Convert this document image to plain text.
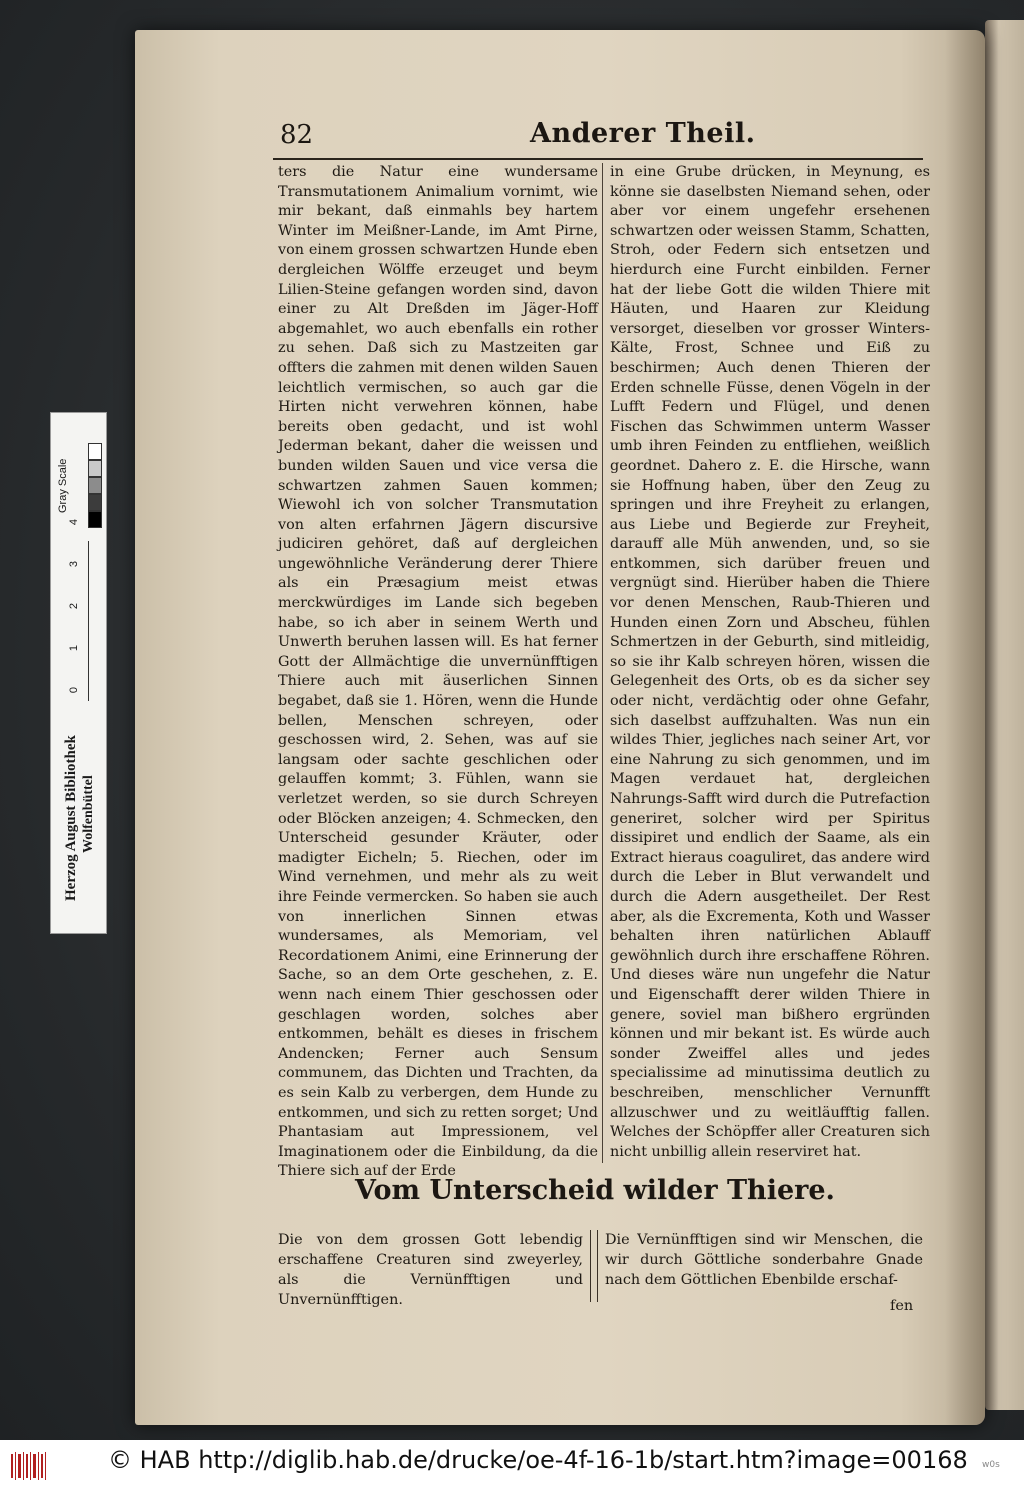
82	Anderer Theil.

ters die Natur eine wundersame Transmutationem Animalium vornimt, wie mir bekant, daß einmahls bey hartem Winter im Meißner-Lande, im Amt Pirne, von einem grossen schwartzen Hunde eben dergleichen Wölffe erzeuget und beym Lilien-Steine gefangen worden sind, davon einer zu Alt Dreßden im Jäger-Hoff abgemahlet, wo auch ebenfalls ein rother zu sehen. Daß sich zu Mastzeiten gar offters die zahmen mit denen wilden Sauen leichtlich vermischen, so auch gar die Hirten nicht verwehren können, habe bereits oben gedacht, und ist wohl Jederman bekant, daher die weissen und bunden wilden Sauen und vice versa die schwartzen zahmen Sauen kommen; Wiewohl ich von solcher Transmutation von alten erfahrnen Jägern discursive judiciren gehöret, daß auf dergleichen ungewöhnliche Veränderung derer Thiere als ein Præsagium meist etwas merckwürdiges im Lande sich begeben habe, so ich aber in seinem Werth und Unwerth beruhen lassen will. Es hat ferner Gott der Allmächtige die unvernünfftigen Thiere auch mit äuserlichen Sinnen begabet, daß sie 1. Hören, wenn die Hunde bellen, Menschen schreyen, oder geschossen wird, 2. Sehen, was auf sie langsam oder sachte geschlichen oder gelauffen kommt; 3. Fühlen, wann sie verletzet werden, so sie durch Schreyen oder Blöcken anzeigen; 4. Schmecken, den Unterscheid gesunder Kräuter, oder madigter Eicheln; 5. Riechen, oder im Wind vernehmen, und mehr als zu weit ihre Feinde vermercken. So haben sie auch von innerlichen Sinnen etwas wundersames, als Memoriam, vel Recordationem Animi, eine Erinnerung der Sache, so an dem Orte geschehen, z. E. wenn nach einem Thier geschossen oder geschlagen worden, solches aber entkommen, behält es dieses in frischem Andencken; Ferner auch Sensum communem, das Dichten und Trachten, da es sein Kalb zu verbergen, dem Hunde zu entkommen, und sich zu retten sorget; Und Phantasiam aut Impressionem, vel Imaginationem oder die Einbildung, da die Thiere sich auf der Erde

in eine Grube drücken, in Meynung, es könne sie daselbsten Niemand sehen, oder aber vor einem ungefehr ersehenen schwartzen oder weissen Stamm, Schatten, Stroh, oder Federn sich entsetzen und hierdurch eine Furcht einbilden. Ferner hat der liebe Gott die wilden Thiere mit Häuten, und Haaren zur Kleidung versorget, dieselben vor grosser Winters-Kälte, Frost, Schnee und Eiß zu beschirmen; Auch denen Thieren der Erden schnelle Füsse, denen Vögeln in der Lufft Federn und Flügel, und denen Fischen das Schwimmen unterm Wasser umb ihren Feinden zu entfliehen, weißlich geordnet. Dahero z. E. die Hirsche, wann sie Hoffnung haben, über den Zeug zu springen und ihre Freyheit zu erlangen, aus Liebe und Begierde zur Freyheit, darauff alle Müh anwenden, und, so sie entkommen, sich darüber freuen und vergnügt sind. Hierüber haben die Thiere vor denen Menschen, Raub-Thieren und Hunden einen Zorn und Abscheu, fühlen Schmertzen in der Geburth, sind mitleidig, so sie ihr Kalb schreyen hören, wissen die Gelegenheit des Orts, ob es da sicher sey oder nicht, verdächtig oder ohne Gefahr, sich daselbst auffzuhalten. Was nun ein wildes Thier, jegliches nach seiner Art, vor eine Nahrung zu sich genommen, und im Magen verdauet hat, dergleichen Nahrungs-Safft wird durch die Putrefaction generiret, solcher wird per Spiritus dissipiret und endlich der Saame, als ein Extract hieraus coaguliret, das andere wird durch die Leber in Blut verwandelt und durch die Adern ausgetheilet. Der Rest aber, als die Excrementa, Koth und Wasser behalten ihren natürlichen Ablauff gewöhnlich durch ihre erschaffene Röhren. Und dieses wäre nun ungefehr die Natur und Eigenschafft derer wilden Thiere in genere, soviel man bißhero ergründen können und mir bekant ist. Es würde auch sonder Zweiffel alles und jedes specialissime ad minutissima deutlich zu beschreiben, menschlicher Vernunfft allzuschwer und zu weitläufftig fallen. Welches der Schöpffer aller Creaturen sich nicht unbillig allein reserviret hat.

Vom Unterscheid wilder Thiere.
Die von dem grossen Gott lebendig erschaffene Creaturen sind zweyerley, als die Vernünfftigen und Unvernünfftigen.
Die Vernünfftigen sind wir Menschen, die wir durch Göttliche sonderbahre Gnade nach dem Göttlichen Ebenbilde erschaf-
fen
Herzog August Bibliothek Wolfenbüttel
Gray Scale
0
1
2
3
4
© HAB http://diglib.hab.de/drucke/oe-4f-16-1b/start.htm?image=00168 w0s
